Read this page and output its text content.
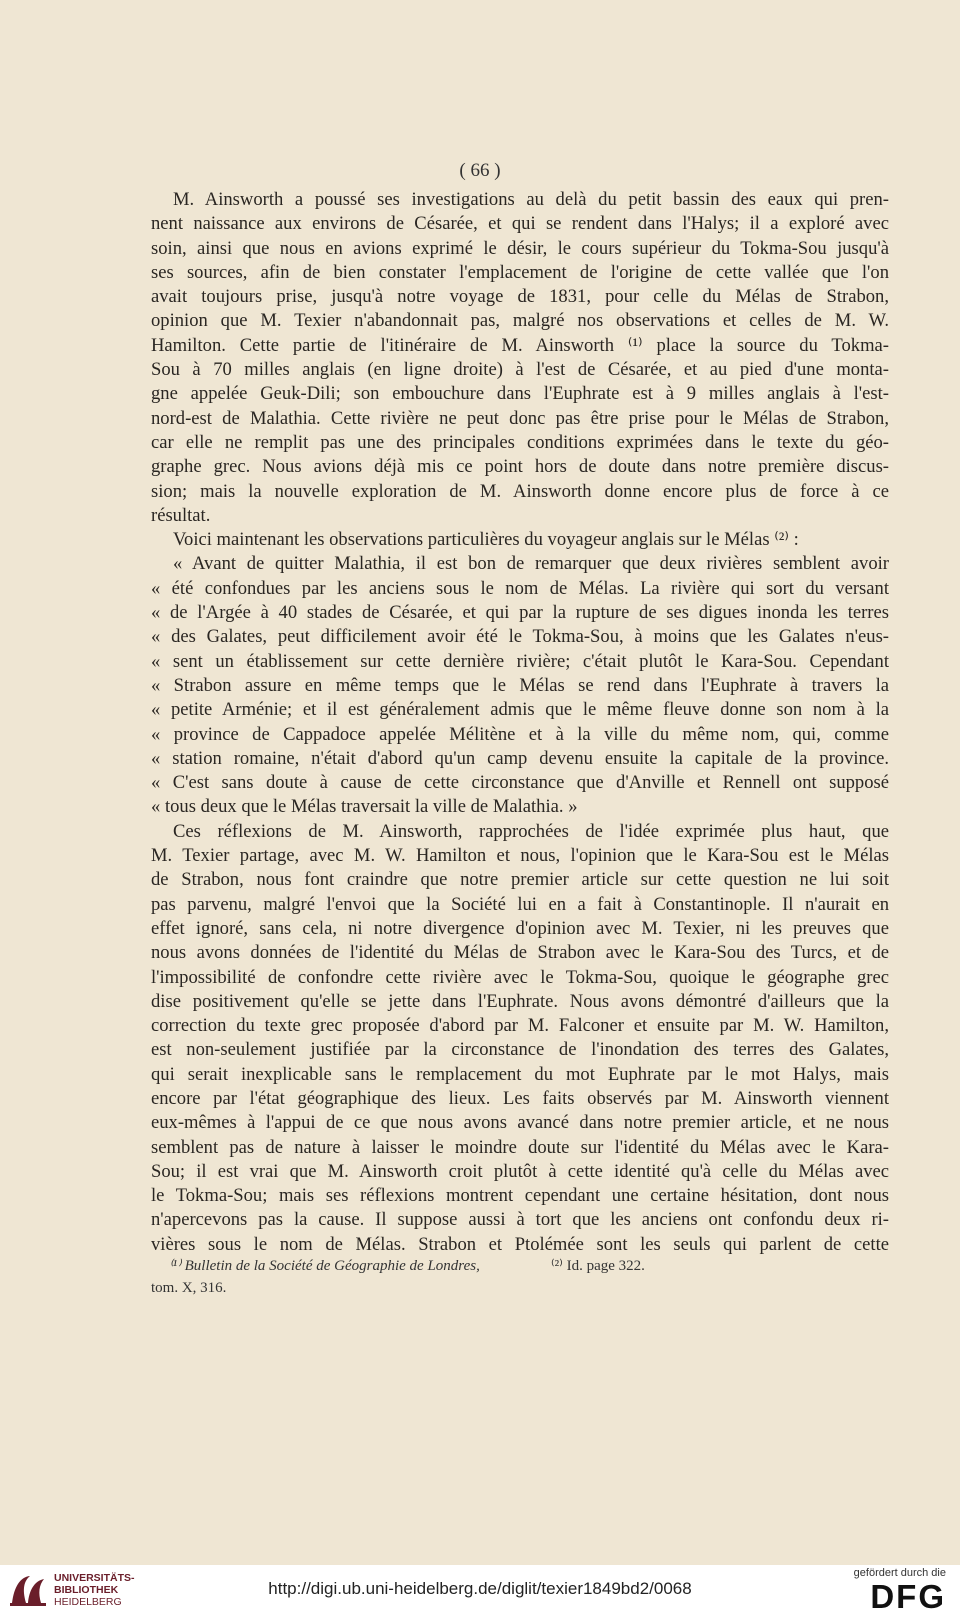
( 66 )
M. Ainsworth a poussé ses investigations au delà du petit bassin des eaux qui pren-
nent naissance aux environs de Césarée, et qui se rendent dans l'Halys; il a exploré avec
soin, ainsi que nous en avions exprimé le désir, le cours supérieur du Tokma-Sou jusqu'à
ses sources, afin de bien constater l'emplacement de l'origine de cette vallée que l'on
avait toujours prise, jusqu'à notre voyage de 1831, pour celle du Mélas de Strabon,
opinion que M. Texier n'abandonnait pas, malgré nos observations et celles de M. W.
Hamilton. Cette partie de l'itinéraire de M. Ainsworth ⁽¹⁾ place la source du Tokma-
Sou à 70 milles anglais (en ligne droite) à l'est de Césarée, et au pied d'une monta-
gne appelée Geuk-Dili; son embouchure dans l'Euphrate est à 9 milles anglais à l'est-
nord-est de Malathia. Cette rivière ne peut donc pas être prise pour le Mélas de Strabon,
car elle ne remplit pas une des principales conditions exprimées dans le texte du géo-
graphe grec. Nous avions déjà mis ce point hors de doute dans notre première discus-
sion; mais la nouvelle exploration de M. Ainsworth donne encore plus de force à ce
résultat.
Voici maintenant les observations particulières du voyageur anglais sur le Mélas ⁽²⁾ :
« Avant de quitter Malathia, il est bon de remarquer que deux rivières semblent avoir
« été confondues par les anciens sous le nom de Mélas. La rivière qui sort du versant
« de l'Argée à 40 stades de Césarée, et qui par la rupture de ses digues inonda les terres
« des Galates, peut difficilement avoir été le Tokma-Sou, à moins que les Galates n'eus-
« sent un établissement sur cette dernière rivière; c'était plutôt le Kara-Sou. Cependant
« Strabon assure en même temps que le Mélas se rend dans l'Euphrate à travers la
« petite Arménie; et il est généralement admis que le même fleuve donne son nom à la
« province de Cappadoce appelée Mélitène et à la ville du même nom, qui, comme
« station romaine, n'était d'abord qu'un camp devenu ensuite la capitale de la province.
« C'est sans doute à cause de cette circonstance que d'Anville et Rennell ont supposé
« tous deux que le Mélas traversait la ville de Malathia. »
Ces réflexions de M. Ainsworth, rapprochées de l'idée exprimée plus haut, que
M. Texier partage, avec M. W. Hamilton et nous, l'opinion que le Kara-Sou est le Mélas
de Strabon, nous font craindre que notre premier article sur cette question ne lui soit
pas parvenu, malgré l'envoi que la Société lui en a fait à Constantinople. Il n'aurait en
effet ignoré, sans cela, ni notre divergence d'opinion avec M. Texier, ni les preuves que
nous avons données de l'identité du Mélas de Strabon avec le Kara-Sou des Turcs, et de
l'impossibilité de confondre cette rivière avec le Tokma-Sou, quoique le géographe grec
dise positivement qu'elle se jette dans l'Euphrate. Nous avons démontré d'ailleurs que la
correction du texte grec proposée d'abord par M. Falconer et ensuite par M. W. Hamilton,
est non-seulement justifiée par la circonstance de l'inondation des terres des Galates,
qui serait inexplicable sans le remplacement du mot Euphrate par le mot Halys, mais
encore par l'état géographique des lieux. Les faits observés par M. Ainsworth viennent
eux-mêmes à l'appui de ce que nous avons avancé dans notre premier article, et ne nous
semblent pas de nature à laisser le moindre doute sur l'identité du Mélas avec le Kara-
Sou; il est vrai que M. Ainsworth croit plutôt à cette identité qu'à celle du Mélas avec
le Tokma-Sou; mais ses réflexions montrent cependant une certaine hésitation, dont nous
n'apercevons pas la cause. Il suppose aussi à tort que les anciens ont confondu deux ri-
vières sous le nom de Mélas. Strabon et Ptolémée sont les seuls qui parlent de cette
⁽¹⁾ Bulletin de la Société de Géographie de Londres,	⁽²⁾ Id. page 322.
tom. X, 316.
UNIVERSITÄTS-
BIBLIOTHEK
HEIDELBERG
http://digi.ub.uni-heidelberg.de/diglit/texier1849bd2/0068
gefördert durch die
DFG
